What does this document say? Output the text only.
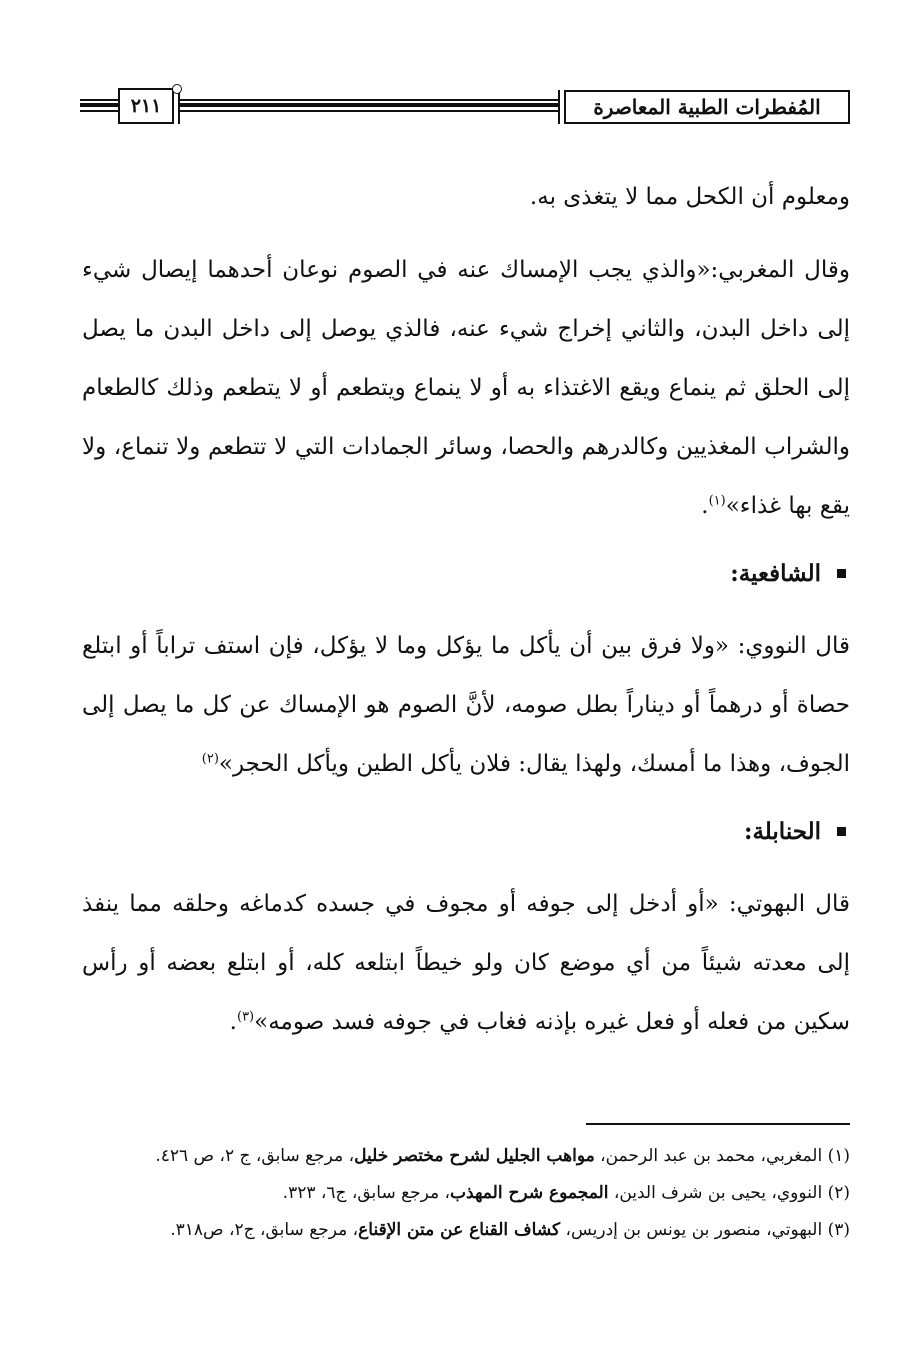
المُفطرات الطبية المعاصرة
٢١١

ومعلوم أن الكحل مما لا يتغذى به.

وقال المغربي:«والذي يجب الإمساك عنه في الصوم نوعان أحدهما إيصال شيء إلى داخل البدن، والثاني إخراج شيء عنه، فالذي يوصل إلى داخل البدن ما يصل إلى الحلق ثم ينماع ويقع الاغتذاء به أو لا ينماع ويتطعم أو لا يتطعم وذلك كالطعام والشراب المغذيين وكالدرهم والحصا، وسائر الجمادات التي لا تتطعم ولا تنماع، ولا يقع بها غذاء»$^{(١)}$.

الشافعية:

قال النووي: «ولا فرق بين أن يأكل ما يؤكل وما لا يؤكل، فإن استف تراباً أو ابتلع حصاة أو درهماً أو ديناراً بطل صومه، لأنَّ الصوم هو الإمساك عن كل ما يصل إلى الجوف، وهذا ما أمسك، ولهذا يقال: فلان يأكل الطين ويأكل الحجر»$^{(٢)}$

الحنابلة:

قال البهوتي: «أو أدخل إلى جوفه أو مجوف في جسده كدماغه وحلقه مما ينفذ إلى معدته شيئاً من أي موضع كان ولو خيطاً ابتلعه كله، أو ابتلع بعضه أو رأس سكين من فعله أو فعل غيره بإذنه فغاب في جوفه فسد صومه»$^{(٣)}$.

(١) المغربي، محمد بن عبد الرحمن، مواهب الجليل لشرح مختصر خليل، مرجع سابق، ج ٢، ص ٤٢٦.

(٢) النووي، يحيى بن شرف الدين، المجموع شرح المهذب، مرجع سابق، ج٦، ٣٢٣.

(٣) البهوتي، منصور بن يونس بن إدريس، كشاف القناع عن متن الإقناع، مرجع سابق، ج٢، ص٣١٨.
